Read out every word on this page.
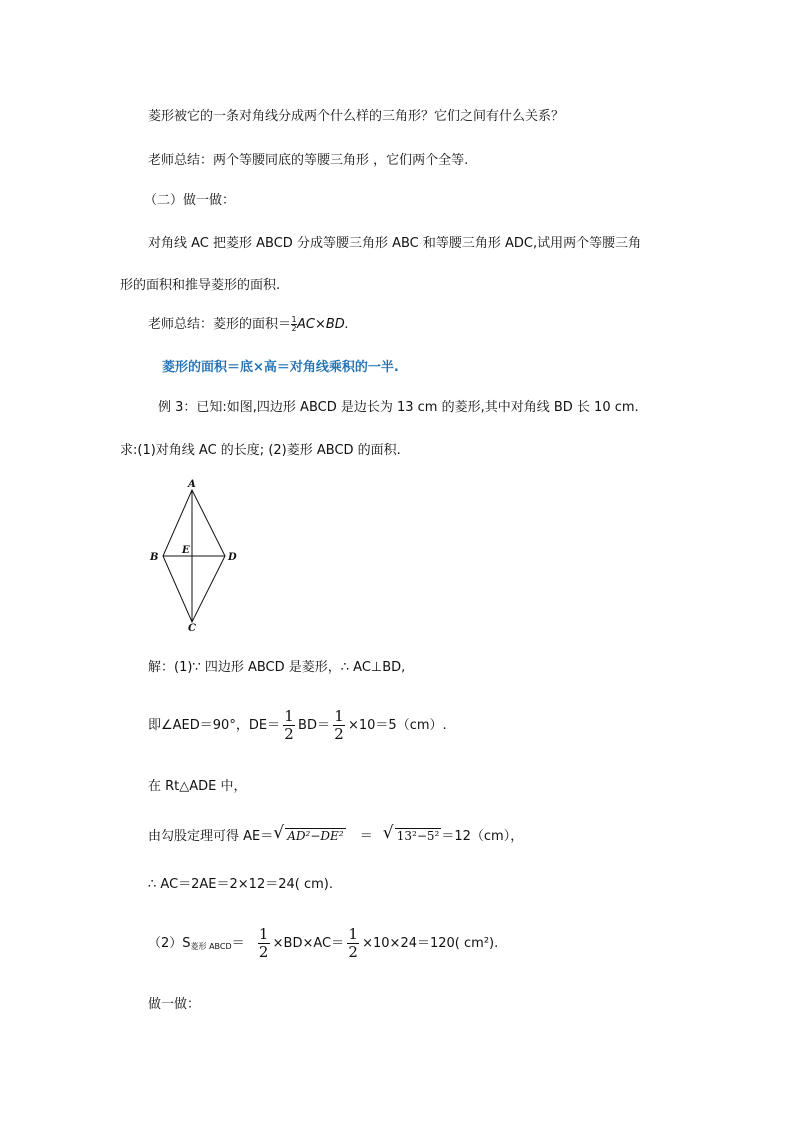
菱形被它的一条对角线分成两个什么样的三角形？它们之间有什么关系？
老师总结：两个等腰同底的等腰三角形 ，它们两个全等.
（二）做一做：
对角线 AC 把菱形 ABCD 分成等腰三角形 ABC 和等腰三角形 ADC,试用两个等腰三角
形的面积和推导菱形的面积.
老师总结：菱形的面积$=\frac{1}{2}AC\times BD$.
菱形的面积＝底×高＝对角线乘积的一半.
例 3：已知:如图,四边形 ABCD 是边长为 13 cm 的菱形,其中对角线 BD 长 10 cm.
求:(1)对角线 AC 的长度; (2)菱形 ABCD 的面积.
A
B
C
D
E
解：(1)∵ 四边形 ABCD 是菱形，∴ AC⊥BD,
即∠AED＝90°，$DE= \frac{1}{2} BD= \frac{1}{2} \times 10=5(cm)$.
在 Rt△ADE 中，
由勾股定理可得 AE＝ √ AD²−DE² ＝ √ 13²−5² ＝12（cm），
∴ AC＝2AE＝2×12＝24( cm).
$(2)S_{菱形 ABCD}= \frac{1}{2} \times BD\times AC= \frac{1}{2} \times 10\times 24=120$( cm²).
做一做：
